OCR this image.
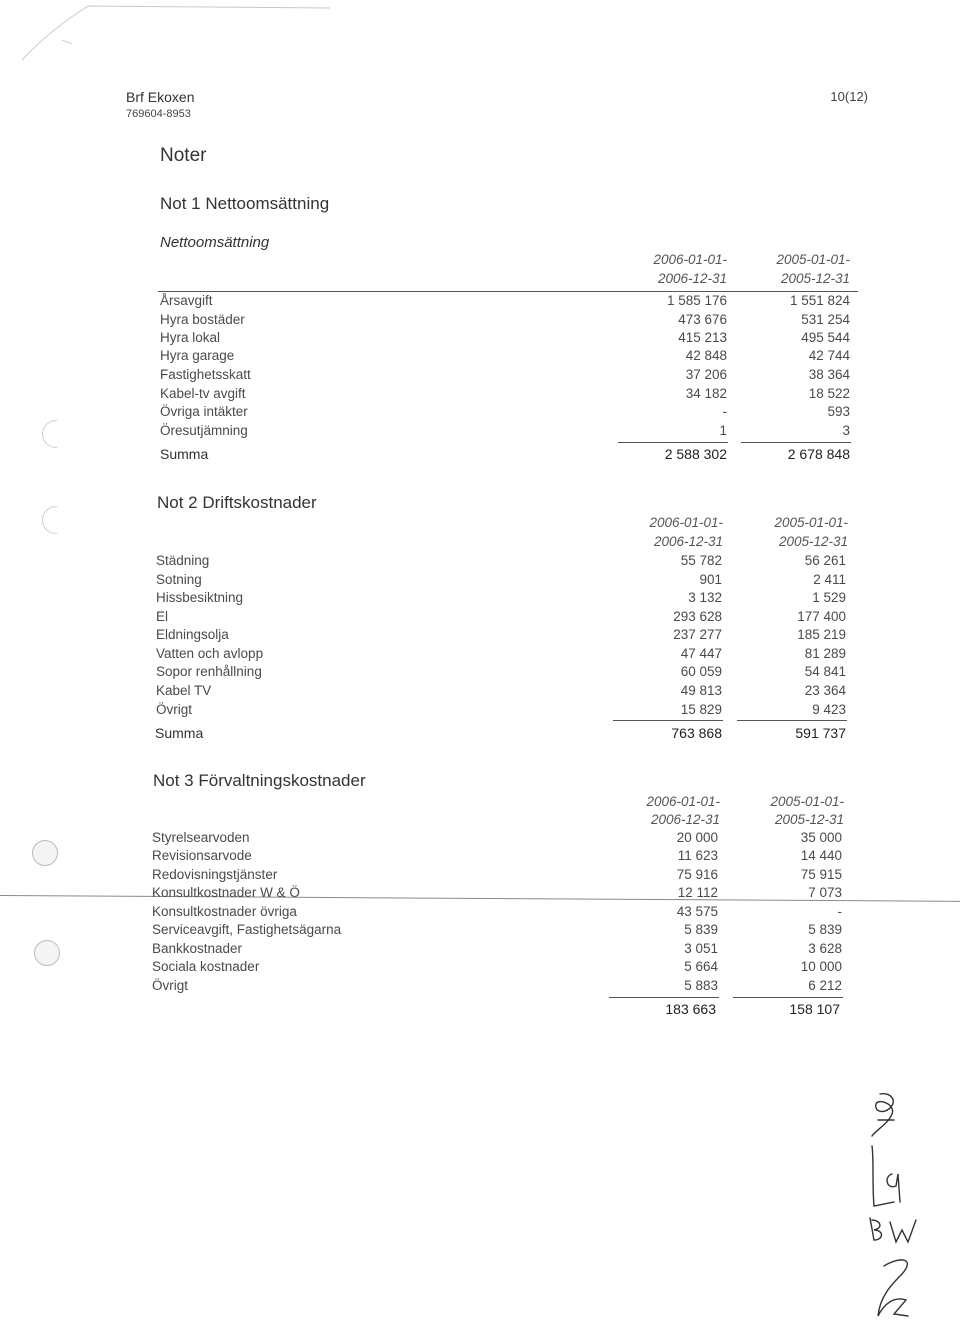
Brf Ekoxen
769604-8953
10(12)
Noter
Not 1 Nettoomsättning
Nettoomsättning
2006-01-01-
2006-12-31
2005-01-01-
2005-12-31
Årsavgift	1 585 176	1 551 824
Hyra bostäder	473 676	531 254
Hyra lokal	415 213	495 544
Hyra garage	42 848	42 744
Fastighetsskatt	37 206	38 364
Kabel-tv avgift	34 182	18 522
Övriga intäkter	-	593
Öresutjämning	1	3
Summa	2 588 302	2 678 848
Not 2 Driftskostnader
2006-01-01-
2006-12-31
2005-01-01-
2005-12-31
Städning	55 782	56 261
Sotning	901	2 411
Hissbesiktning	3 132	1 529
El	293 628	177 400
Eldningsolja	237 277	185 219
Vatten och avlopp	47 447	81 289
Sopor renhållning	60 059	54 841
Kabel TV	49 813	23 364
Övrigt	15 829	9 423
Summa	763 868	591 737
Not 3 Förvaltningskostnader
2006-01-01-
2006-12-31
2005-01-01-
2005-12-31
Styrelsearvoden	20 000	35 000
Revisionsarvode	11 623	14 440
Redovisningstjänster	75 916	75 915
Konsultkostnader W & Ö	12 112	7 073
Konsultkostnader övriga	43 575	-
Serviceavgift, Fastighetsägarna	5 839	5 839
Bankkostnader	3 051	3 628
Sociala kostnader	5 664	10 000
Övrigt	5 883	6 212
183 663	158 107
